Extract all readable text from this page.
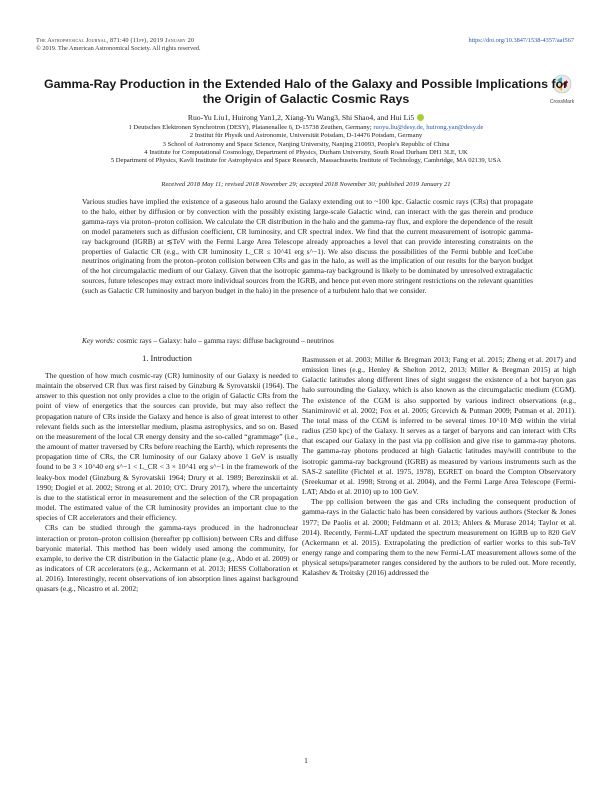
The Astrophysical Journal, 871:40 (11pp), 2019 January 20
© 2019. The American Astronomical Society. All rights reserved.
https://doi.org/10.3847/1538-4357/aaf567
CrossMark
Gamma-Ray Production in the Extended Halo of the Galaxy and Possible Implications for the Origin of Galactic Cosmic Rays
Ruo-Yu Liu1, Huirong Yan1,2, Xiang-Yu Wang3, Shi Shao4, and Hui Li5
1 Deutsches Elektronen Synchrotron (DESY), Platanenallee 6, D-15738 Zeuthen, Germany; ruoyu.liu@desy.de, huirong.yan@desy.de
2 Institut für Physik und Astronomie, Universität Potsdam, D-14476 Potsdam, Germany
3 School of Astronomy and Space Science, Nanjing University, Nanjing 210093, People's Republic of China
4 Institute for Computational Cosmology, Department of Physics, Durham University, South Road Durham DH1 3LE, UK
5 Department of Physics, Kavli Institute for Astrophysics and Space Research, Massachusetts Institute of Technology, Cambridge, MA 02139, USA
Received 2018 May 11; revised 2018 November 29; accepted 2018 November 30; published 2019 January 21

Various studies have implied the existence of a gaseous halo around the Galaxy extending out to ~100 kpc. Galactic cosmic rays (CRs) that propagate to the halo, either by diffusion or by convection with the possibly existing large-scale Galactic wind, can interact with the gas therein and produce gamma-rays via proton–proton collision. We calculate the CR distribution in the halo and the gamma-ray flux, and explore the dependence of the result on model parameters such as diffusion coefficient, CR luminosity, and CR spectral index. We find that the current measurement of isotropic gamma-ray background (IGRB) at ≲TeV with the Fermi Large Area Telescope already approaches a level that can provide interesting constraints on the properties of Galactic CR (e.g., with CR luminosity L_CR ≤ 10^41 erg s^−1). We also discuss the possibilities of the Fermi bubble and IceCube neutrinos originating from the proton–proton collision between CRs and gas in the halo, as well as the implication of our results for the baryon budget of the hot circumgalactic medium of our Galaxy. Given that the isotropic gamma-ray background is likely to be dominated by unresolved extragalactic sources, future telescopes may extract more individual sources from the IGRB, and hence put even more stringent restrictions on the relevant quantities (such as Galactic CR luminosity and baryon budget in the halo) in the presence of a turbulent halo that we consider.

Key words: cosmic rays – Galaxy: halo – gamma rays: diffuse background – neutrinos
1. Introduction

The question of how much cosmic-ray (CR) luminosity of our Galaxy is needed to maintain the observed CR flux was first raised by Ginzburg & Syrovatskii (1964). The answer to this question not only provides a clue to the origin of Galactic CRs from the point of view of energetics that the sources can provide, but may also reflect the propagation nature of CRs inside the Galaxy and hence is also of great interest to other relevant fields such as the interstellar medium, plasma astrophysics, and so on. Based on the measurement of the local CR energy density and the so-called “grammage” (i.e., the amount of matter traversed by CRs before reaching the Earth), which represents the propagation time of CRs, the CR luminosity of our Galaxy above 1 GeV is usually found to be 3 × 10^40 erg s^−1 < L_CR < 3 × 10^41 erg s^−1 in the framework of the leaky-box model (Ginzburg & Syrovatskii 1964; Drury et al. 1989; Berezinskii et al. 1990; Dogiel et al. 2002; Strong et al. 2010; O'C. Drury 2017), where the uncertainty is due to the statistical error in measurement and the selection of the CR propagation model. The estimated value of the CR luminosity provides an important clue to the species of CR accelerators and their efficiency.

CRs can be studied through the gamma-rays produced in the hadronuclear interaction or proton–proton collision (hereafter pp collision) between CRs and diffuse baryonic material. This method has been widely used among the community, for example, to derive the CR distribution in the Galactic plane (e.g., Abdo et al. 2009) or as indicators of CR accelerators (e.g., Ackermann et al. 2013; HESS Collaboration et al. 2016). Interestingly, recent observations of ion absorption lines against background quasars (e.g., Nicastro et al. 2002;

Rasmussen et al. 2003; Miller & Bregman 2013; Fang et al. 2015; Zheng et al. 2017) and emission lines (e.g., Henley & Shelton 2012, 2013; Miller & Bregman 2015) at high Galactic latitudes along different lines of sight suggest the existence of a hot baryon gas halo surrounding the Galaxy, which is also known as the circumgalactic medium (CGM). The existence of the CGM is also supported by various indirect observations (e.g., Stanimirović et al. 2002; Fox et al. 2005; Grcevich & Putman 2009; Putman et al. 2011). The total mass of the CGM is inferred to be several times 10^10 M⊙ within the virial radius (250 kpc) of the Galaxy. It serves as a target of baryons and can interact with CRs that escaped our Galaxy in the past via pp collision and give rise to gamma-ray photons. The gamma-ray photons produced at high Galactic latitudes may/will contribute to the isotropic gamma-ray background (IGRB) as measured by various instruments such as the SAS-2 satellite (Fichtel et al. 1975, 1978), EGRET on board the Compton Observatory (Sreekumar et al. 1998; Strong et al. 2004), and the Fermi Large Area Telescope (Fermi-LAT; Abdo et al. 2010) up to 100 GeV.

The pp collision between the gas and CRs including the consequent production of gamma-rays in the Galactic halo has been considered by various authors (Stecker & Jones 1977; De Paolis et al. 2000; Feldmann et al. 2013; Ahlers & Murase 2014; Taylor et al. 2014). Recently, Fermi-LAT updated the spectrum measurement on IGRB up to 820 GeV (Ackermann et al. 2015). Extrapolating the prediction of earlier works to this sub-TeV energy range and comparing them to the new Fermi-LAT measurement allows some of the physical setups/parameter ranges considered by the authors to be ruled out. More recently, Kalashev & Troitsky (2016) addressed the

1
